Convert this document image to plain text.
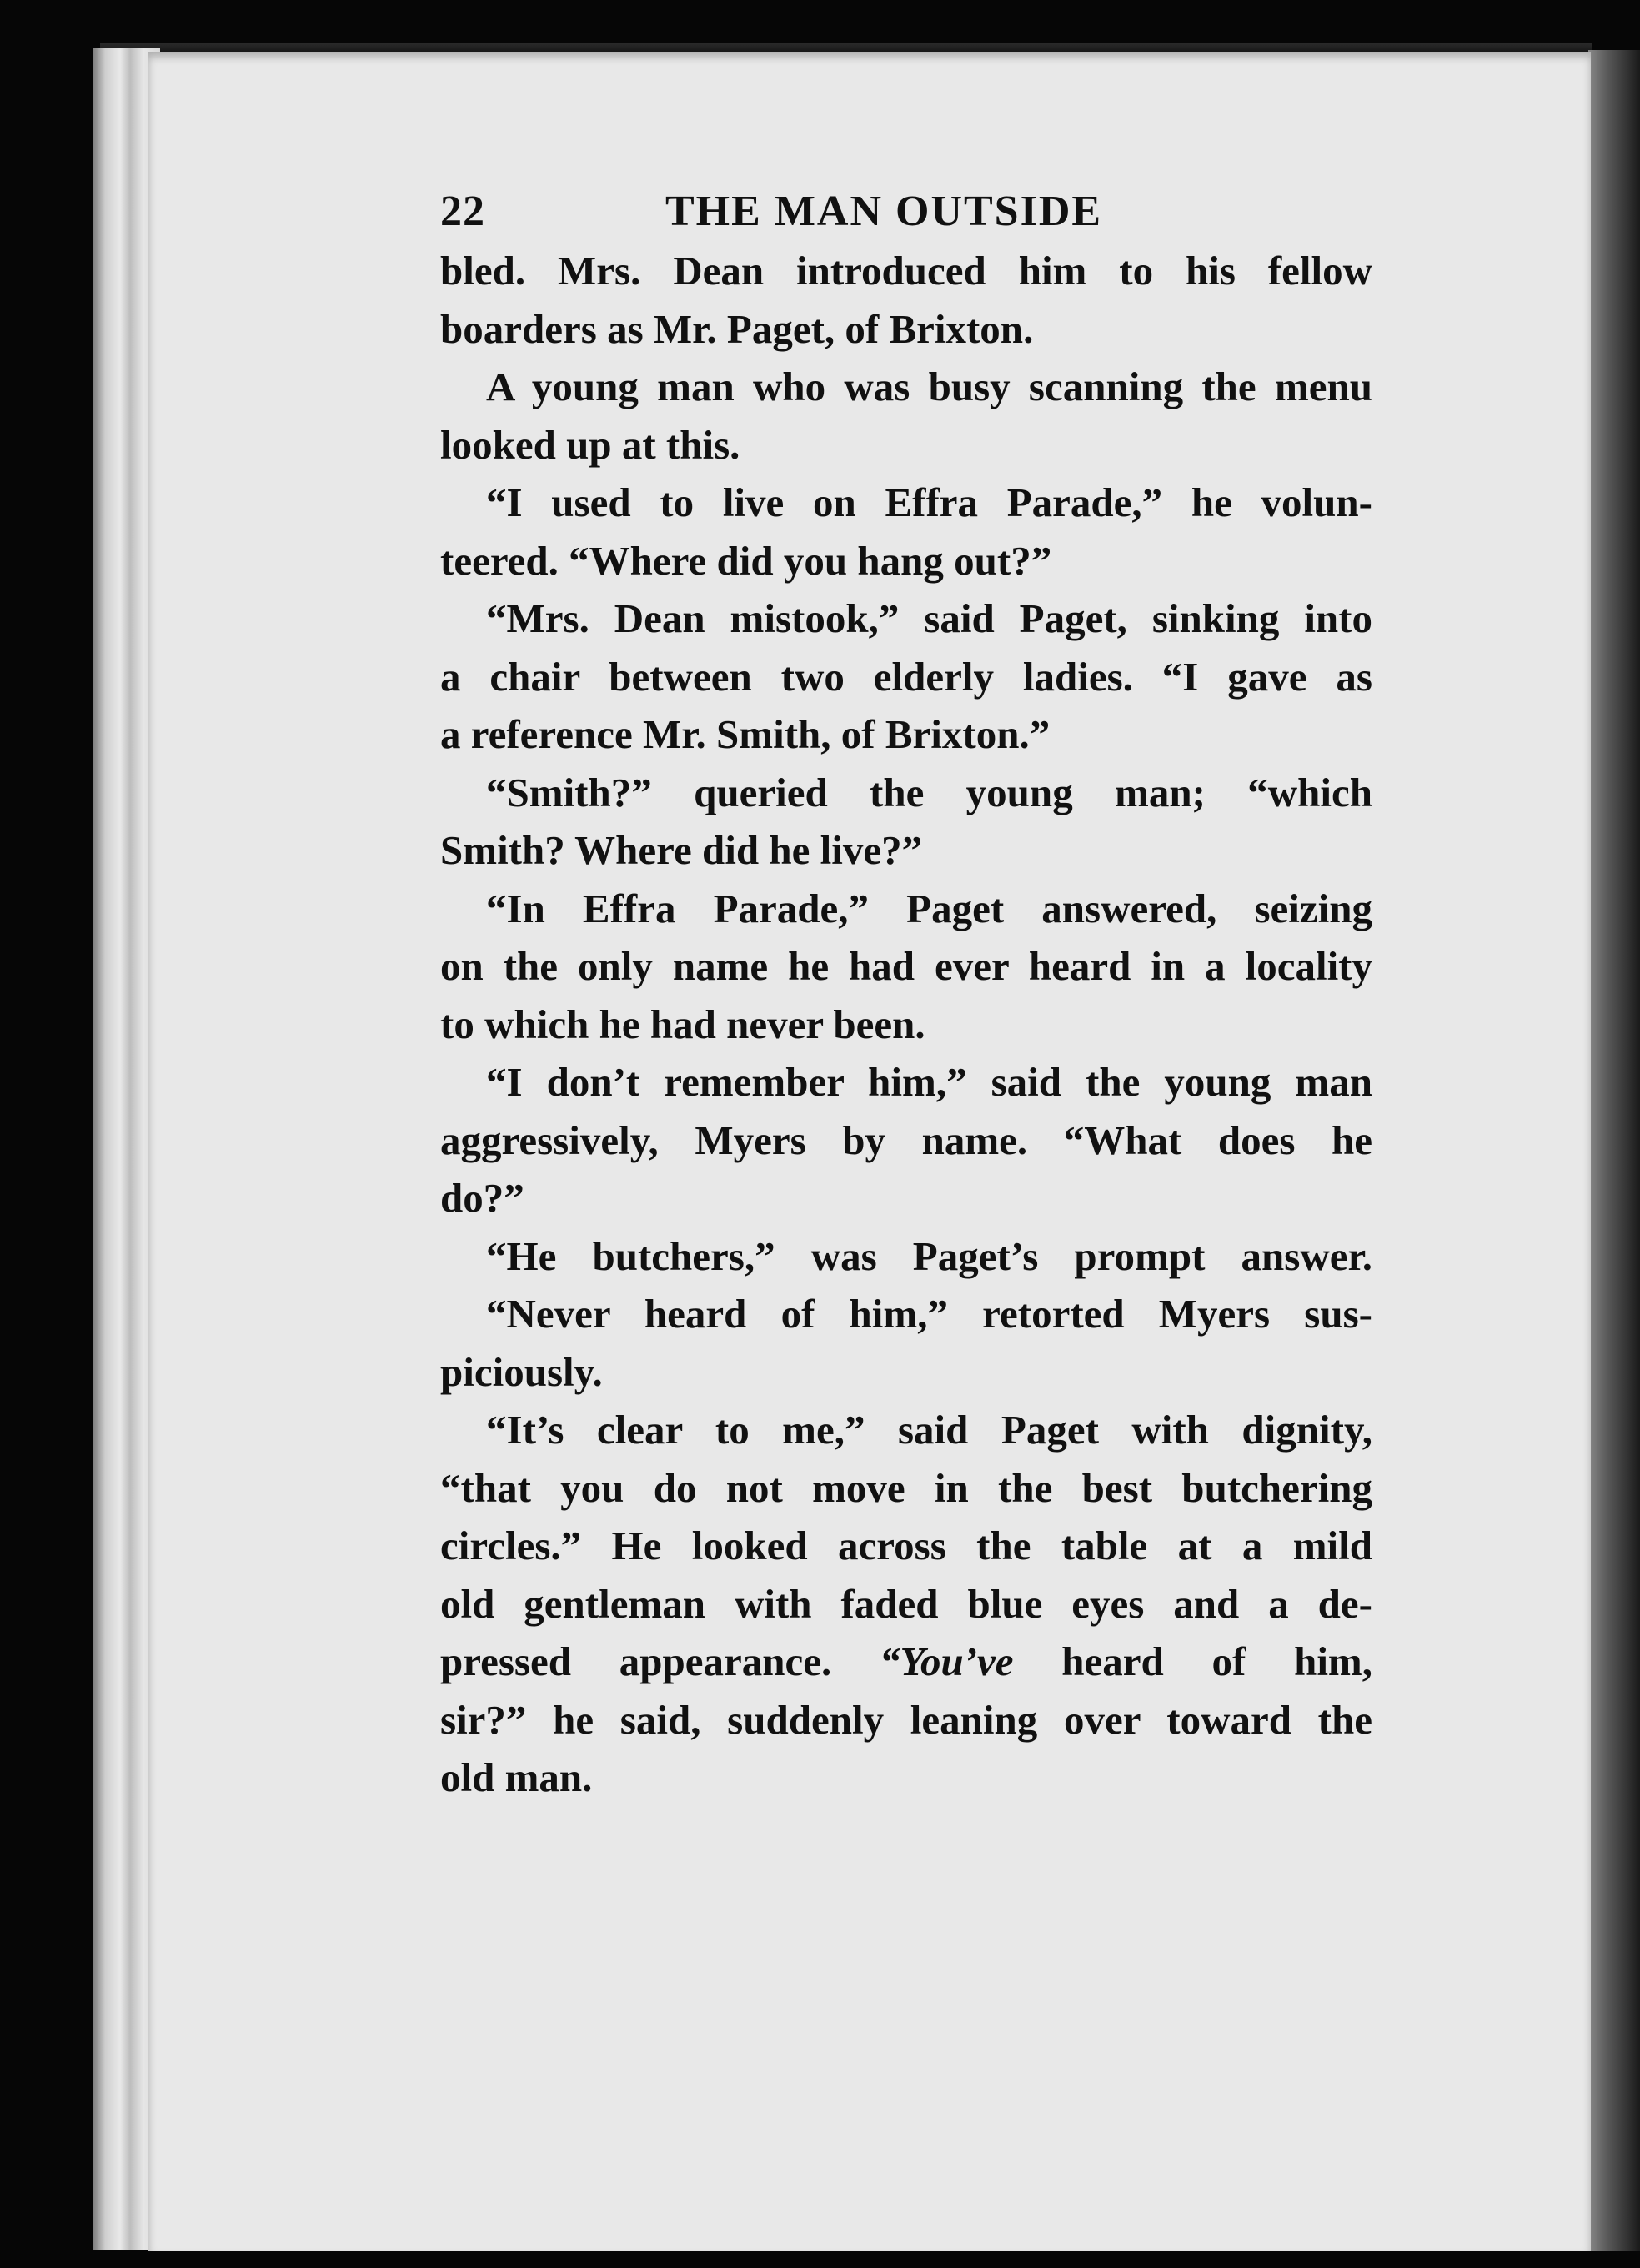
22	THE MAN OUTSIDE
bled. Mrs. Dean introduced him to his fellow
boarders as Mr. Paget, of Brixton.
A young man who was busy scanning the menu
looked up at this.
“I used to live on Effra Parade,” he volun-
teered. “Where did you hang out?”
“Mrs. Dean mistook,” said Paget, sinking into
a chair between two elderly ladies. “I gave as
a reference Mr. Smith, of Brixton.”
“Smith?” queried the young man; “which
Smith? Where did he live?”
“In Effra Parade,” Paget answered, seizing
on the only name he had ever heard in a locality
to which he had never been.
“I don’t remember him,” said the young man
aggressively, Myers by name. “What does he
do?”
“He butchers,” was Paget’s prompt answer.
“Never heard of him,” retorted Myers sus-
piciously.
“It’s clear to me,” said Paget with dignity,
“that you do not move in the best butchering
circles.” He looked across the table at a mild
old gentleman with faded blue eyes and a de-
pressed appearance. “You’ve heard of him,
sir?” he said, suddenly leaning over toward the
old man.
